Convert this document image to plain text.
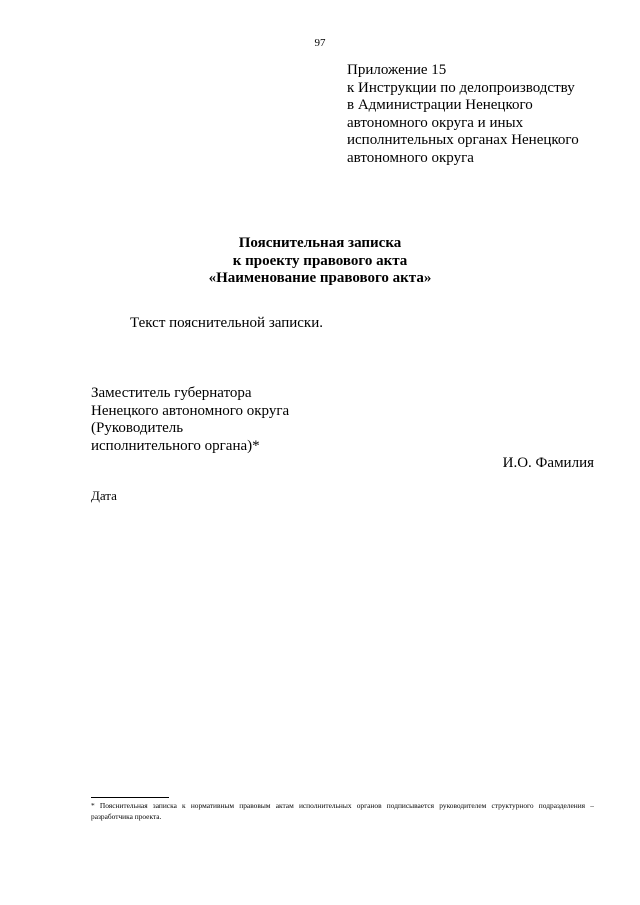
97
Приложение 15
к Инструкции по делопроизводству
в Администрации Ненецкого
автономного округа и иных
исполнительных органах Ненецкого
автономного округа
Пояснительная записка
к проекту правового акта
«Наименование правового акта»
Текст пояснительной записки.
Заместитель губернатора
Ненецкого автономного округа
(Руководитель
исполнительного органа)*
И.О. Фамилия
Дата
* Пояснительная записка к нормативным правовым актам исполнительных органов подписывается руководителем структурного подразделения – разработчика проекта.
